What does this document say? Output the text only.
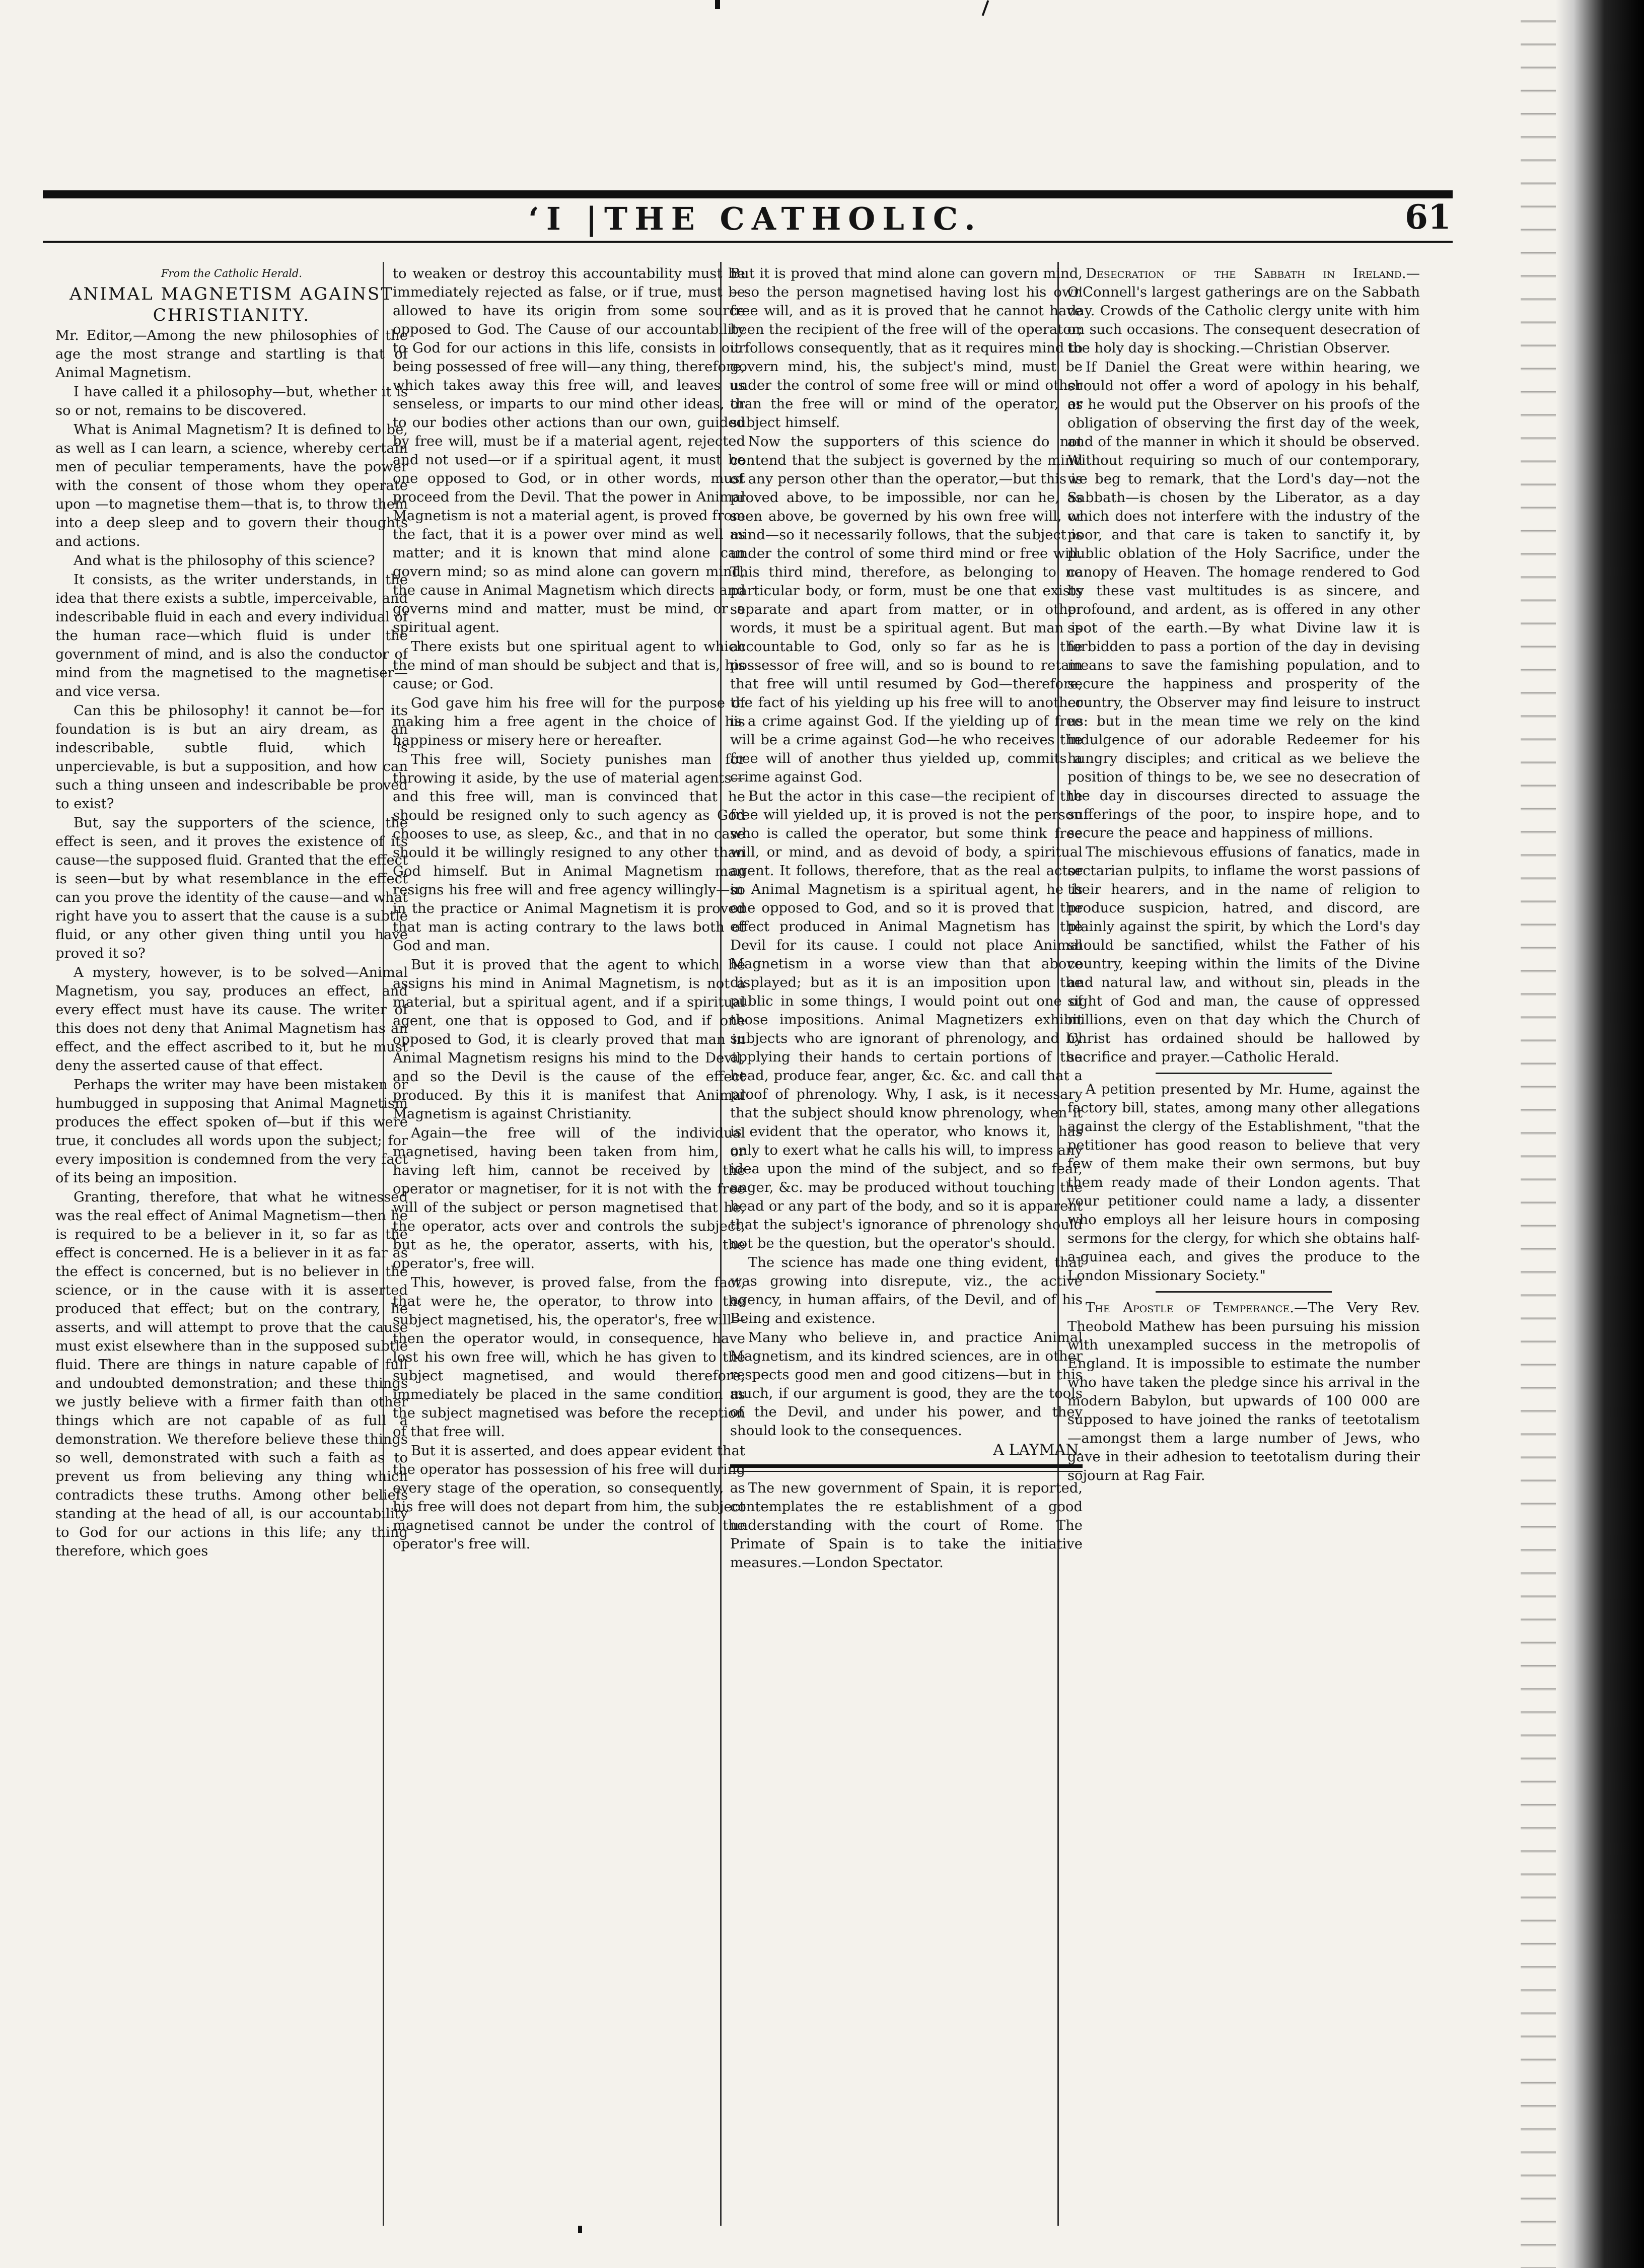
‘I |THE CATHOLIC.	61

From the Catholic Herald.

ANIMAL MAGNETISM AGAINST CHRISTIANITY.

Mr. Editor,—Among the new philosophies of the age the most strange and startling is that of Animal Magnetism.

I have called it a philosophy—but, whether it is so or not, remains to be discovered.

What is Animal Magnetism? It is defined to be, as well as I can learn, a science, whereby certain men of peculiar temperaments, have the power with the consent of those whom they operate upon —to magnetise them—that is, to throw them into a deep sleep and to govern their thoughts and actions.

And what is the philosophy of this science?

It consists, as the writer understands, in the idea that there exists a subtle, imperceivable, and indescribable fluid in each and every individual of the human race—which fluid is under the government of mind, and is also the conductor of mind from the magnetised to the magnetiser—and vice versa.

Can this be philosophy! it cannot be—for its foundation is is but an airy dream, as an indescribable, subtle fluid, which is unpercievable, is but a supposition, and how can such a thing unseen and indescribable be proved to exist?

But, say the supporters of the science, the effect is seen, and it proves the existence of its cause—the supposed fluid. Granted that the effect is seen—but by what resemblance in the effect can you prove the identity of the cause—and what right have you to assert that the cause is a subtle fluid, or any other given thing until you have proved it so?

A mystery, however, is to be solved—Animal Magnetism, you say, produces an effect, and every effect must have its cause. The writer of this does not deny that Animal Magnetism has an effect, and the effect ascribed to it, but he must deny the asserted cause of that effect.

Perhaps the writer may have been mistaken or humbugged in supposing that Animal Magnetism produces the effect spoken of—but if this were true, it concludes all words upon the subject; for every imposition is condemned from the very fact of its being an imposition.

Granting, therefore, that what he witnessed was the real effect of Animal Magnetism—then he is required to be a believer in it, so far as the effect is concerned. He is a believer in it as far as the effect is concerned, but is no believer in the science, or in the cause with it is asserted produced that effect; but on the contrary, he asserts, and will attempt to prove that the cause must exist elsewhere than in the supposed subtle fluid. There are things in nature capable of full and undoubted demonstration; and these things we justly believe with a firmer faith than other things which are not capable of as full a demonstration. We therefore believe these things so well, demonstrated with such a faith as to prevent us from believing any thing which contradicts these truths. Among other beliefs standing at the head of all, is our accountability to God for our actions in this life; any thing therefore, which goes

to weaken or destroy this accountability must be immediately rejected as false, or if true, must be allowed to have its origin from some source opposed to God. The Cause of our accountability to God for our actions in this life, consists in our being possessed of free will—any thing, therefore, which takes away this free will, and leaves us senseless, or imparts to our mind other ideas, or to our bodies other actions than our own, guided by free will, must be if a material agent, rejected and not used—or if a spiritual agent, it must be one opposed to God, or in other words, must proceed from the Devil. That the power in Animal Magnetism is not a material agent, is proved from the fact, that it is a power over mind as well as matter; and it is known that mind alone can govern mind; so as mind alone can govern mind, the cause in Animal Magnetism which directs and governs mind and matter, must be mind, or a spiritual agent.

There exists but one spiritual agent to which the mind of man should be subject and that is, his cause; or God.

God gave him his free will for the purpose of making him a free agent in the choice of his happiness or misery here or hereafter.

This free will, Society punishes man for throwing it aside, by the use of material agents—and this free will, man is convinced that he should be resigned only to such agency as God chooses to use, as sleep, &c., and that in no case should it be willingly resigned to any other than God himself. But in Animal Magnetism man resigns his free will and free agency willingly—so in the practice or Animal Magnetism it is proved that man is acting contrary to the laws both of God and man.

But it is proved that the agent to which he assigns his mind in Animal Magnetism, is not a material, but a spiritual agent, and if a spiritual agent, one that is opposed to God, and if one opposed to God, it is clearly proved that man in Animal Magnetism resigns his mind to the Devil, and so the Devil is the cause of the effect produced. By this it is manifest that Animal Magnetism is against Christianity.

Again—the free will of the individual magnetised, having been taken from him, or having left him, cannot be received by the operator or magnetiser, for it is not with the free will of the subject or person magnetised that he, the operator, acts over and controls the subject, but as he, the operator, asserts, with his, the operator's, free will.

This, however, is proved false, from the fact, that were he, the operator, to throw into the subject magnetised, his, the operator's, free will—then the operator would, in consequence, have lost his own free will, which he has given to the subject magnetised, and would therefore, immediately be placed in the same condition as the subject magnetised was before the reception of that free will.

But it is asserted, and does appear evident that the operator has possession of his free will during every stage of the operation, so consequently, as his free will does not depart from him, the subject magnetised cannot be under the control of the operator's free will.

But it is proved that mind alone can govern mind,—so the person magnetised having lost his own free will, and as it is proved that he cannot have been the recipient of the free will of the operator; it follows consequently, that as it requires mind to govern mind, his, the subject's mind, must be under the control of some free will or mind other than the free will or mind of the operator, or subject himself.

Now the supporters of this science do not contend that the subject is governed by the mind of any person other than the operator,—but this is proved above, to be impossible, nor can he, as seen above, be governed by his own free will, or mind—so it necessarily follows, that the subject is under the control of some third mind or free will. This third mind, therefore, as belonging to no particular body, or form, must be one that exists separate and apart from matter, or in other words, it must be a spiritual agent. But man is accountable to God, only so far as he is the possessor of free will, and so is bound to retain that free will until resumed by God—therefore, the fact of his yielding up his free will to another is a crime against God. If the yielding up of free will be a crime against God—he who receives the free will of another thus yielded up, commits a crime against God.

But the actor in this case—the recipient of the free will yielded up, it is proved is not the person who is called the operator, but some think free will, or mind, and as devoid of body, a spiritual agent. It follows, therefore, that as the real actor in Animal Magnetism is a spiritual agent, he is one opposed to God, and so it is proved that the effect produced in Animal Magnetism has the Devil for its cause. I could not place Animal Magnetism in a worse view than that above displayed; but as it is an imposition upon the public in some things, I would point out one of those impositions. Animal Magnetizers exhibit subjects who are ignorant of phrenology, and by applying their hands to certain portions of the head, produce fear, anger, &c. &c. and call that a proof of phrenology. Why, I ask, is it necessary that the subject should know phrenology, when it is evident that the operator, who knows it, has only to exert what he calls his will, to impress any idea upon the mind of the subject, and so fear, anger, &c. may be produced without touching the head or any part of the body, and so it is apparent that the subject's ignorance of phrenology should not be the question, but the operator's should.

The science has made one thing evident, that was growing into disrepute, viz., the active agency, in human affairs, of the Devil, and of his Being and existence.

Many who believe in, and practice Animal Magnetism, and its kindred sciences, are in other respects good men and good citizens—but in this much, if our argument is good, they are the tools of the Devil, and under his power, and they should look to the consequences.

A LAYMAN.

The new government of Spain, it is reported, contemplates the re establishment of a good understanding with the court of Rome. The Primate of Spain is to take the initiative measures.—London Spectator.

Desecration of the Sabbath in Ireland.—O'Connell's largest gatherings are on the Sabbath day. Crowds of the Catholic clergy unite with him on such occasions. The consequent desecration of the holy day is shocking.—Christian Observer.

If Daniel the Great were within hearing, we should not offer a word of apology in his behalf, as he would put the Observer on his proofs of the obligation of observing the first day of the week, and of the manner in which it should be observed. Without requiring so much of our contemporary, we beg to remark, that the Lord's day—not the Sabbath—is chosen by the Liberator, as a day which does not interfere with the industry of the poor, and that care is taken to sanctify it, by public oblation of the Holy Sacrifice, under the canopy of Heaven. The homage rendered to God by these vast multitudes is as sincere, and profound, and ardent, as is offered in any other spot of the earth.—By what Divine law it is forbidden to pass a portion of the day in devising means to save the famishing population, and to secure the happiness and prosperity of the country, the Observer may find leisure to instruct us: but in the mean time we rely on the kind indulgence of our adorable Redeemer for his hungry disciples; and critical as we believe the position of things to be, we see no desecration of the day in discourses directed to assuage the sufferings of the poor, to inspire hope, and to secure the peace and happiness of millions.

The mischievous effusions of fanatics, made in sectarian pulpits, to inflame the worst passions of their hearers, and in the name of religion to produce suspicion, hatred, and discord, are plainly against the spirit, by which the Lord's day should be sanctified, whilst the Father of his country, keeping within the limits of the Divine and natural law, and without sin, pleads in the sight of God and man, the cause of oppressed millions, even on that day which the Church of Christ has ordained should be hallowed by sacrifice and prayer.—Catholic Herald.

A petition presented by Mr. Hume, against the factory bill, states, among many other allegations against the clergy of the Establishment, "that the petitioner has good reason to believe that very few of them make their own sermons, but buy them ready made of their London agents. That your petitioner could name a lady, a dissenter who employs all her leisure hours in composing sermons for the clergy, for which she obtains half-a-guinea each, and gives the produce to the London Missionary Society."

The Apostle of Temperance.—The Very Rev. Theobold Mathew has been pursuing his mission with unexampled success in the metropolis of England. It is impossible to estimate the number who have taken the pledge since his arrival in the modern Babylon, but upwards of 100 000 are supposed to have joined the ranks of teetotalism—amongst them a large number of Jews, who gave in their adhesion to teetotalism during their sojourn at Rag Fair.
